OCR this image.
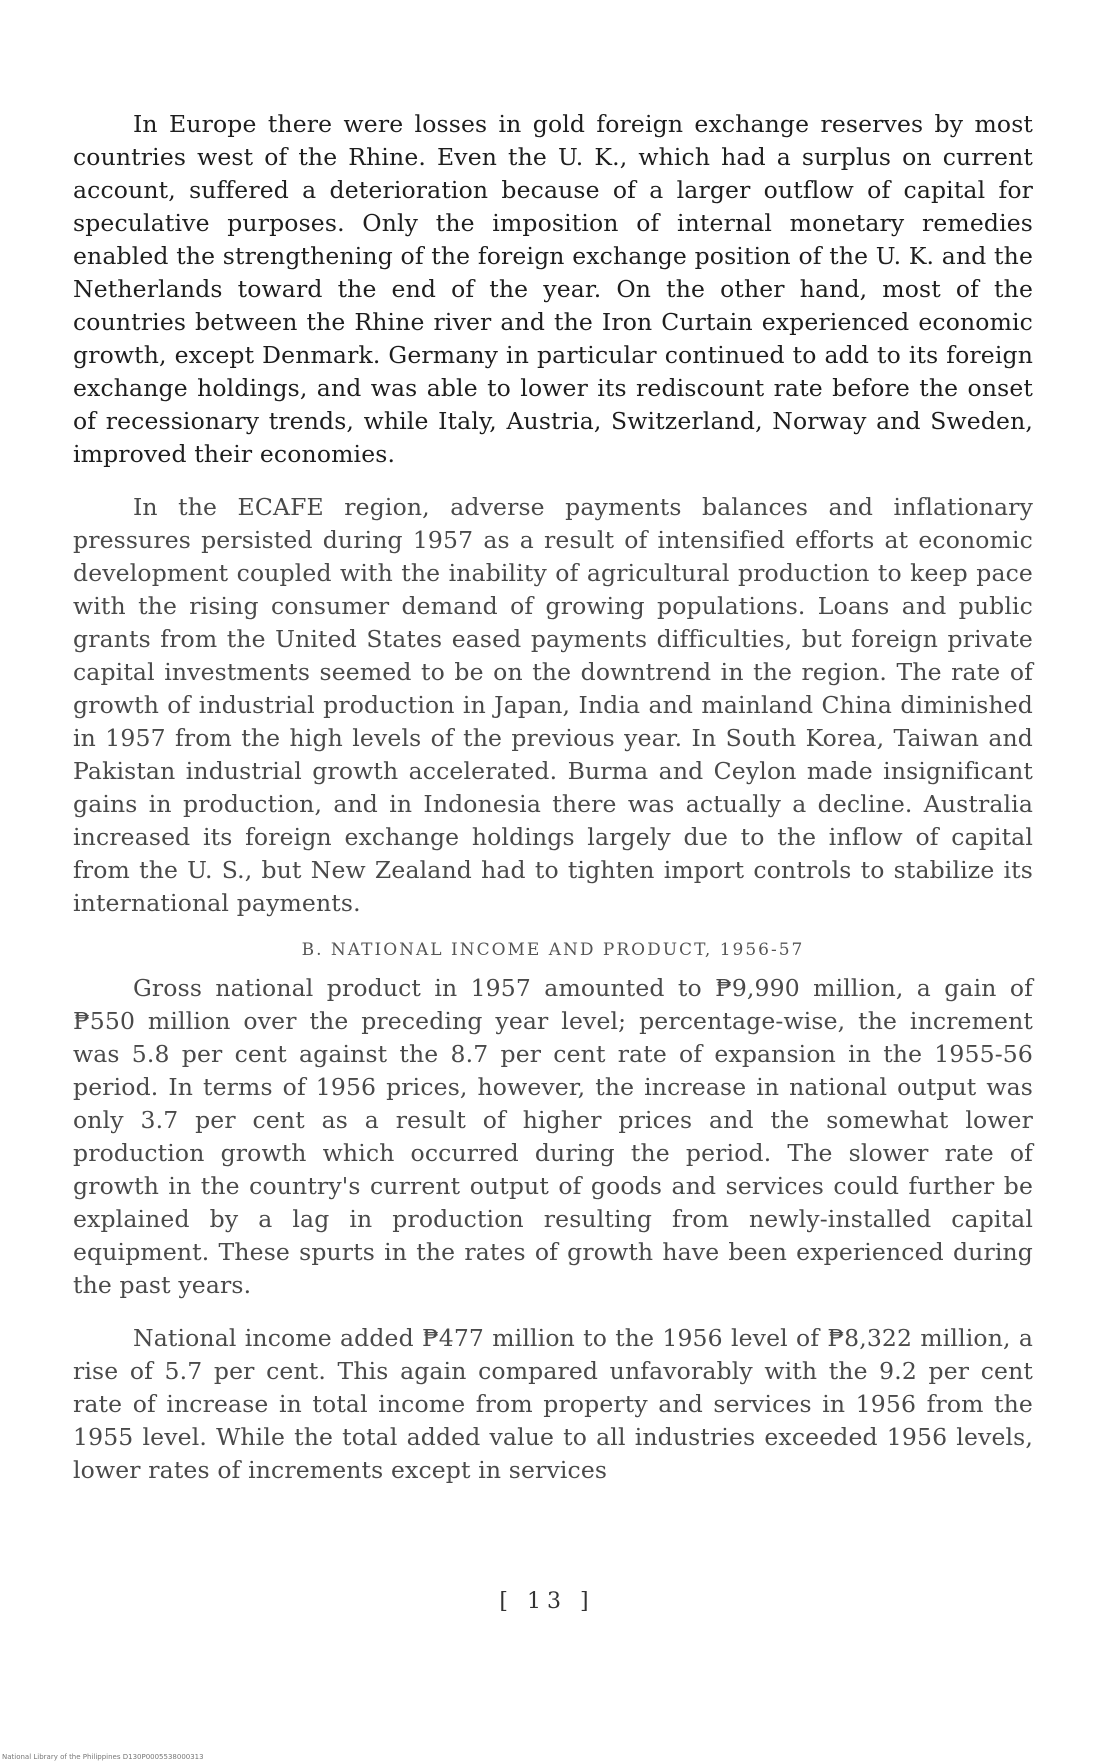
In Europe there were losses in gold foreign exchange reserves by most countries west of the Rhine. Even the U. K., which had a surplus on current account, suffered a deterioration because of a larger outflow of capital for speculative purposes. Only the imposition of internal monetary remedies enabled the strengthening of the foreign exchange position of the U. K. and the Netherlands toward the end of the year. On the other hand, most of the countries between the Rhine river and the Iron Curtain experienced economic growth, except Denmark. Germany in particular continued to add to its foreign exchange holdings, and was able to lower its rediscount rate before the onset of recessionary trends, while Italy, Austria, Switzerland, Norway and Sweden, improved their economies.

In the ECAFE region, adverse payments balances and inflationary pressures persisted during 1957 as a result of intensified efforts at economic development coupled with the inability of agricultural production to keep pace with the rising consumer demand of growing populations. Loans and public grants from the United States eased payments difficulties, but foreign private capital investments seemed to be on the downtrend in the region. The rate of growth of industrial production in Japan, India and mainland China diminished in 1957 from the high levels of the previous year. In South Korea, Taiwan and Pakistan industrial growth accelerated. Burma and Ceylon made insignificant gains in production, and in Indonesia there was actually a decline. Australia increased its foreign exchange holdings largely due to the inflow of capital from the U. S., but New Zealand had to tighten import controls to stabilize its international payments.

B. NATIONAL INCOME AND PRODUCT, 1956-57

Gross national product in 1957 amounted to ₱9,990 million, a gain of ₱550 million over the preceding year level; percentage-wise, the increment was 5.8 per cent against the 8.7 per cent rate of expansion in the 1955-56 period. In terms of 1956 prices, however, the increase in national output was only 3.7 per cent as a result of higher prices and the somewhat lower production growth which occurred during the period. The slower rate of growth in the country's current output of goods and services could further be explained by a lag in production resulting from newly-installed capital equipment. These spurts in the rates of growth have been experienced during the past years.

National income added ₱477 million to the 1956 level of ₱8,322 million, a rise of 5.7 per cent. This again compared unfavorably with the 9.2 per cent rate of increase in total income from property and services in 1956 from the 1955 level. While the total added value to all industries exceeded 1956 levels, lower rates of increments except in services

[ 13 ]
National Library of the Philippines D130P0005538000313
